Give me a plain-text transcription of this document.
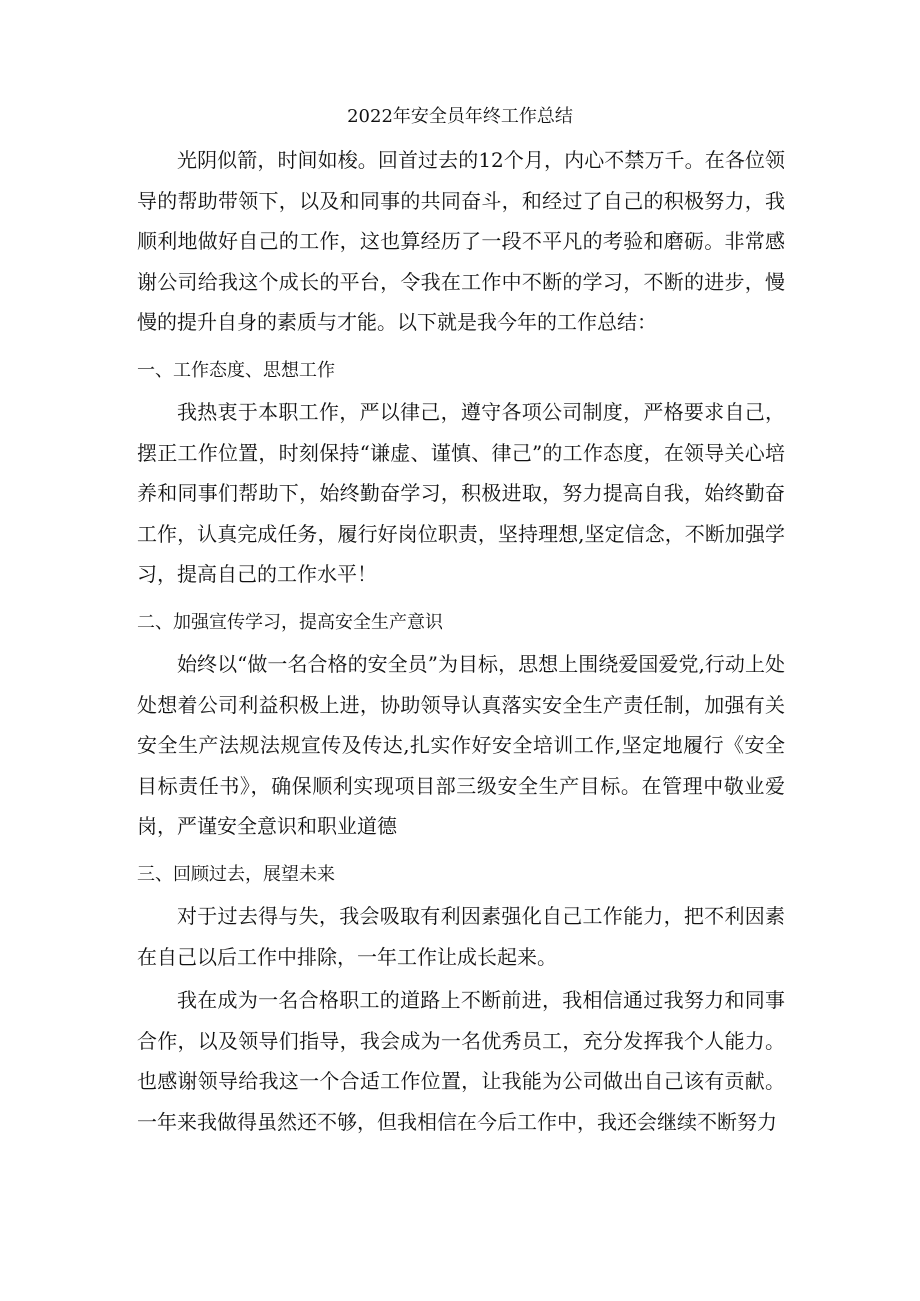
2022年安全员年终工作总结

光阴似箭，时间如梭。回首过去的12个月，内心不禁万千。在各位领导的帮助带领下，以及和同事的共同奋斗，和经过了自己的积极努力，我顺利地做好自己的工作，这也算经历了一段不平凡的考验和磨砺。非常感谢公司给我这个成长的平台，令我在工作中不断的学习，不断的进步，慢慢的提升自身的素质与才能。以下就是我今年的工作总结：

一、工作态度、思想工作

我热衷于本职工作，严以律己，遵守各项公司制度，严格要求自己，摆正工作位置，时刻保持“谦虚、谨慎、律己”的工作态度，在领导关心培养和同事们帮助下，始终勤奋学习，积极进取，努力提高自我，始终勤奋工作，认真完成任务，履行好岗位职责，坚持理想,坚定信念，不断加强学习，提高自己的工作水平！

二、加强宣传学习，提高安全生产意识

始终以“做一名合格的安全员”为目标，思想上围绕爱国爱党,行动上处处想着公司利益积极上进，协助领导认真落实安全生产责任制，加强有关安全生产法规法规宣传及传达,扎实作好安全培训工作,坚定地履行《安全目标责任书》，确保顺利实现项目部三级安全生产目标。在管理中敬业爱岗，严谨安全意识和职业道德

三、回顾过去，展望未来

对于过去得与失，我会吸取有利因素强化自己工作能力，把不利因素在自己以后工作中排除，一年工作让成长起来。

我在成为一名合格职工的道路上不断前进，我相信通过我努力和同事合作，以及领导们指导，我会成为一名优秀员工，充分发挥我个人能力。也感谢领导给我这一个合适工作位置，让我能为公司做出自己该有贡献。一年来我做得虽然还不够，但我相信在今后工作中，我还会继续不断努力
